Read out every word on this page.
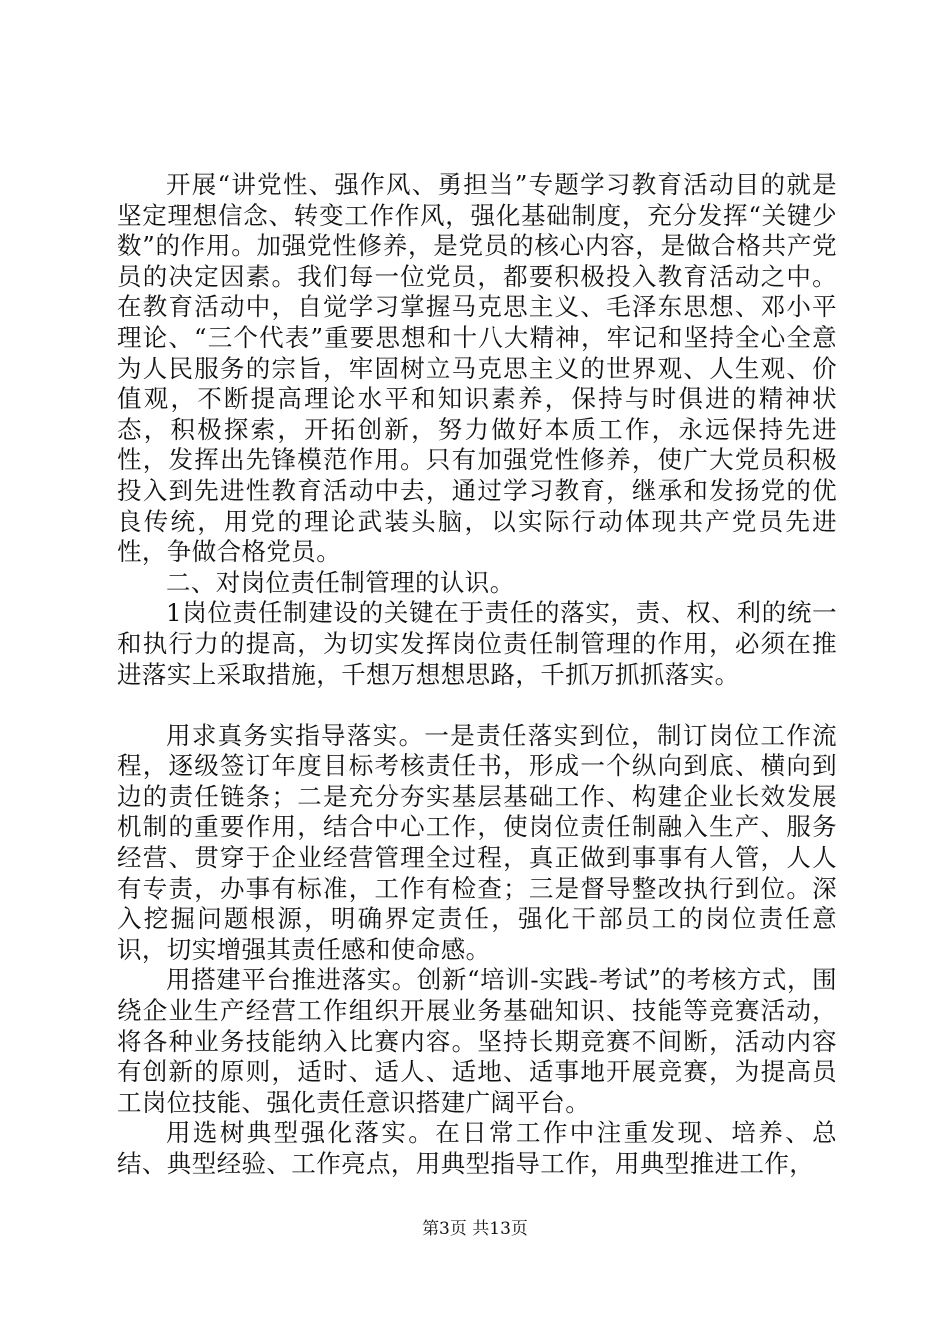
开展“讲党性、强作风、勇担当”专题学习教育活动目的就是坚定理想信念、转变工作作风，强化基础制度，充分发挥“关键少数”的作用。加强党性修养，是党员的核心内容，是做合格共产党员的决定因素。我们每一位党员，都要积极投入教育活动之中。在教育活动中，自觉学习掌握马克思主义、毛泽东思想、邓小平理论、“三个代表”重要思想和十八大精神，牢记和坚持全心全意为人民服务的宗旨，牢固树立马克思主义的世界观、人生观、价值观，不断提高理论水平和知识素养，保持与时俱进的精神状态，积极探索，开拓创新，努力做好本质工作，永远保持先进性，发挥出先锋模范作用。只有加强党性修养，使广大党员积极投入到先进性教育活动中去，通过学习教育，继承和发扬党的优良传统，用党的理论武装头脑，以实际行动体现共产党员先进性，争做合格党员。

二、对岗位责任制管理的认识。

1岗位责任制建设的关键在于责任的落实，责、权、利的统一和执行力的提高，为切实发挥岗位责任制管理的作用，必须在推进落实上采取措施，千想万想想思路，千抓万抓抓落实。

用求真务实指导落实。一是责任落实到位，制订岗位工作流程，逐级签订年度目标考核责任书，形成一个纵向到底、横向到边的责任链条；二是充分夯实基层基础工作、构建企业长效发展机制的重要作用，结合中心工作，使岗位责任制融入生产、服务经营、贯穿于企业经营管理全过程，真正做到事事有人管，人人有专责，办事有标准，工作有检查；三是督导整改执行到位。深入挖掘问题根源，明确界定责任，强化干部员工的岗位责任意识，切实增强其责任感和使命感。

用搭建平台推进落实。创新“培训-实践-考试”的考核方式，围绕企业生产经营工作组织开展业务基础知识、技能等竞赛活动，将各种业务技能纳入比赛内容。坚持长期竞赛不间断，活动内容有创新的原则，适时、适人、适地、适事地开展竞赛，为提高员工岗位技能、强化责任意识搭建广阔平台。

用选树典型强化落实。在日常工作中注重发现、培养、总结、典型经验、工作亮点，用典型指导工作，用典型推进工作，

第3页 共13页
